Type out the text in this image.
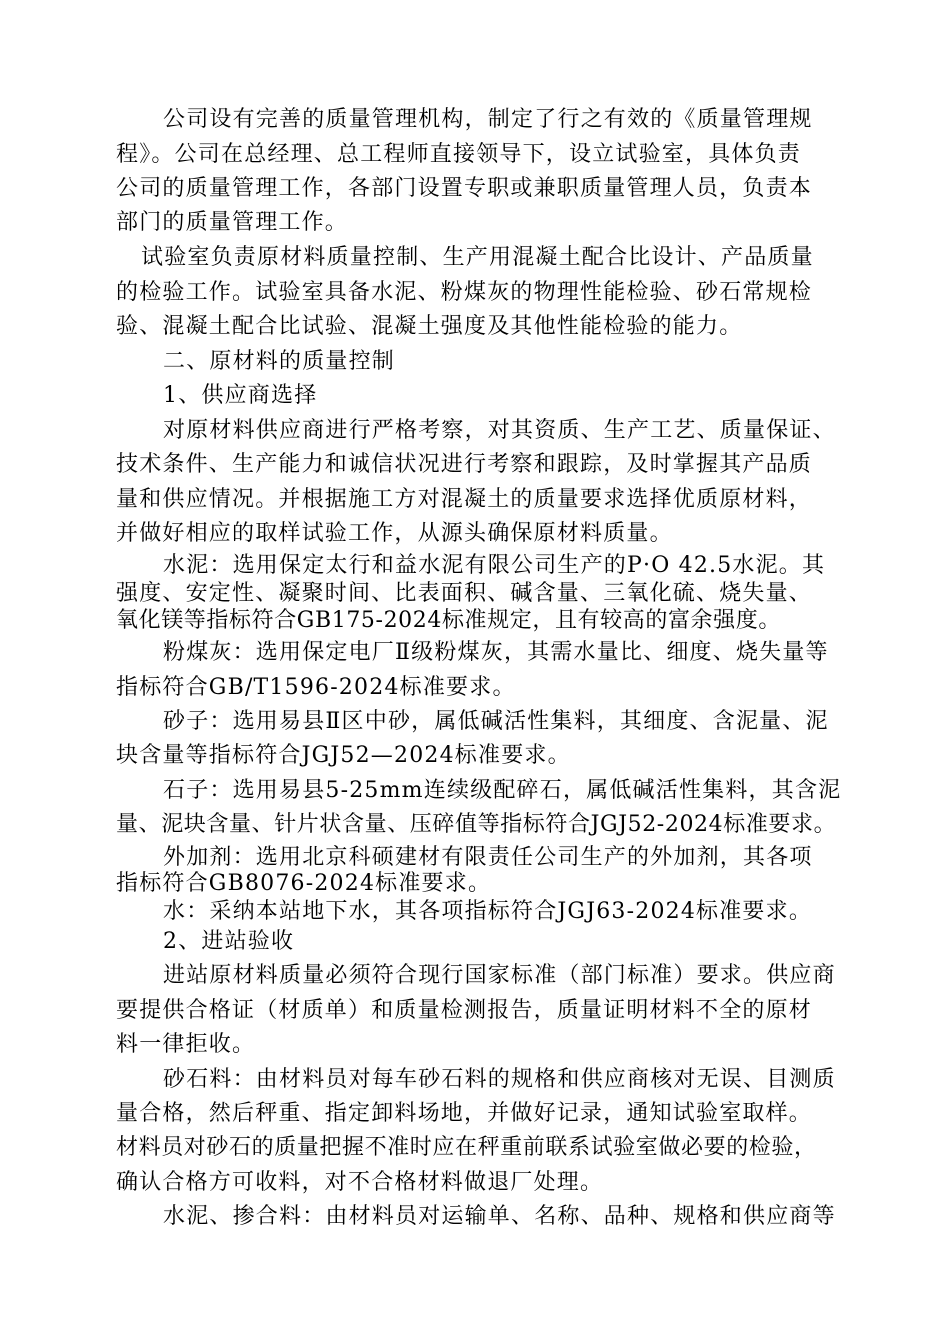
公司设有完善的质量管理机构，制定了行之有效的《质量管理规
程》。公司在总经理、总工程师直接领导下，设立试验室，具体负责
公司的质量管理工作，各部门设置专职或兼职质量管理人员，负责本
部门的质量管理工作。
试验室负责原材料质量控制、生产用混凝土配合比设计、产品质量
的检验工作。试验室具备水泥、粉煤灰的物理性能检验、砂石常规检
验、混凝土配合比试验、混凝土强度及其他性能检验的能力。
二、原材料的质量控制
1、供应商选择
对原材料供应商进行严格考察，对其资质、生产工艺、质量保证、
技术条件、生产能力和诚信状况进行考察和跟踪，及时掌握其产品质
量和供应情况。并根据施工方对混凝土的质量要求选择优质原材料，
并做好相应的取样试验工作，从源头确保原材料质量。
水泥：选用保定太行和益水泥有限公司生产的P·O 42.5水泥。其
强度、安定性、凝聚时间、比表面积、碱含量、三氧化硫、烧失量、
氧化镁等指标符合GB175-2024标准规定，且有较高的富余强度。
粉煤灰：选用保定电厂Ⅱ级粉煤灰，其需水量比、细度、烧失量等
指标符合GB/T1596-2024标准要求。
砂子：选用易县Ⅱ区中砂，属低碱活性集料，其细度、含泥量、泥
块含量等指标符合JGJ52—2024标准要求。
石子：选用易县5-25mm连续级配碎石，属低碱活性集料，其含泥
量、泥块含量、针片状含量、压碎值等指标符合JGJ52-2024标准要求。
外加剂：选用北京科硕建材有限责任公司生产的外加剂，其各项
指标符合GB8076-2024标准要求。
水：采纳本站地下水，其各项指标符合JGJ63-2024标准要求。
2、进站验收
进站原材料质量必须符合现行国家标准（部门标准）要求。供应商
要提供合格证（材质单）和质量检测报告，质量证明材料不全的原材
料一律拒收。
砂石料：由材料员对每车砂石料的规格和供应商核对无误、目测质
量合格，然后秤重、指定卸料场地，并做好记录，通知试验室取样。
材料员对砂石的质量把握不准时应在秤重前联系试验室做必要的检验，
确认合格方可收料，对不合格材料做退厂处理。
水泥、掺合料：由材料员对运输单、名称、品种、规格和供应商等
